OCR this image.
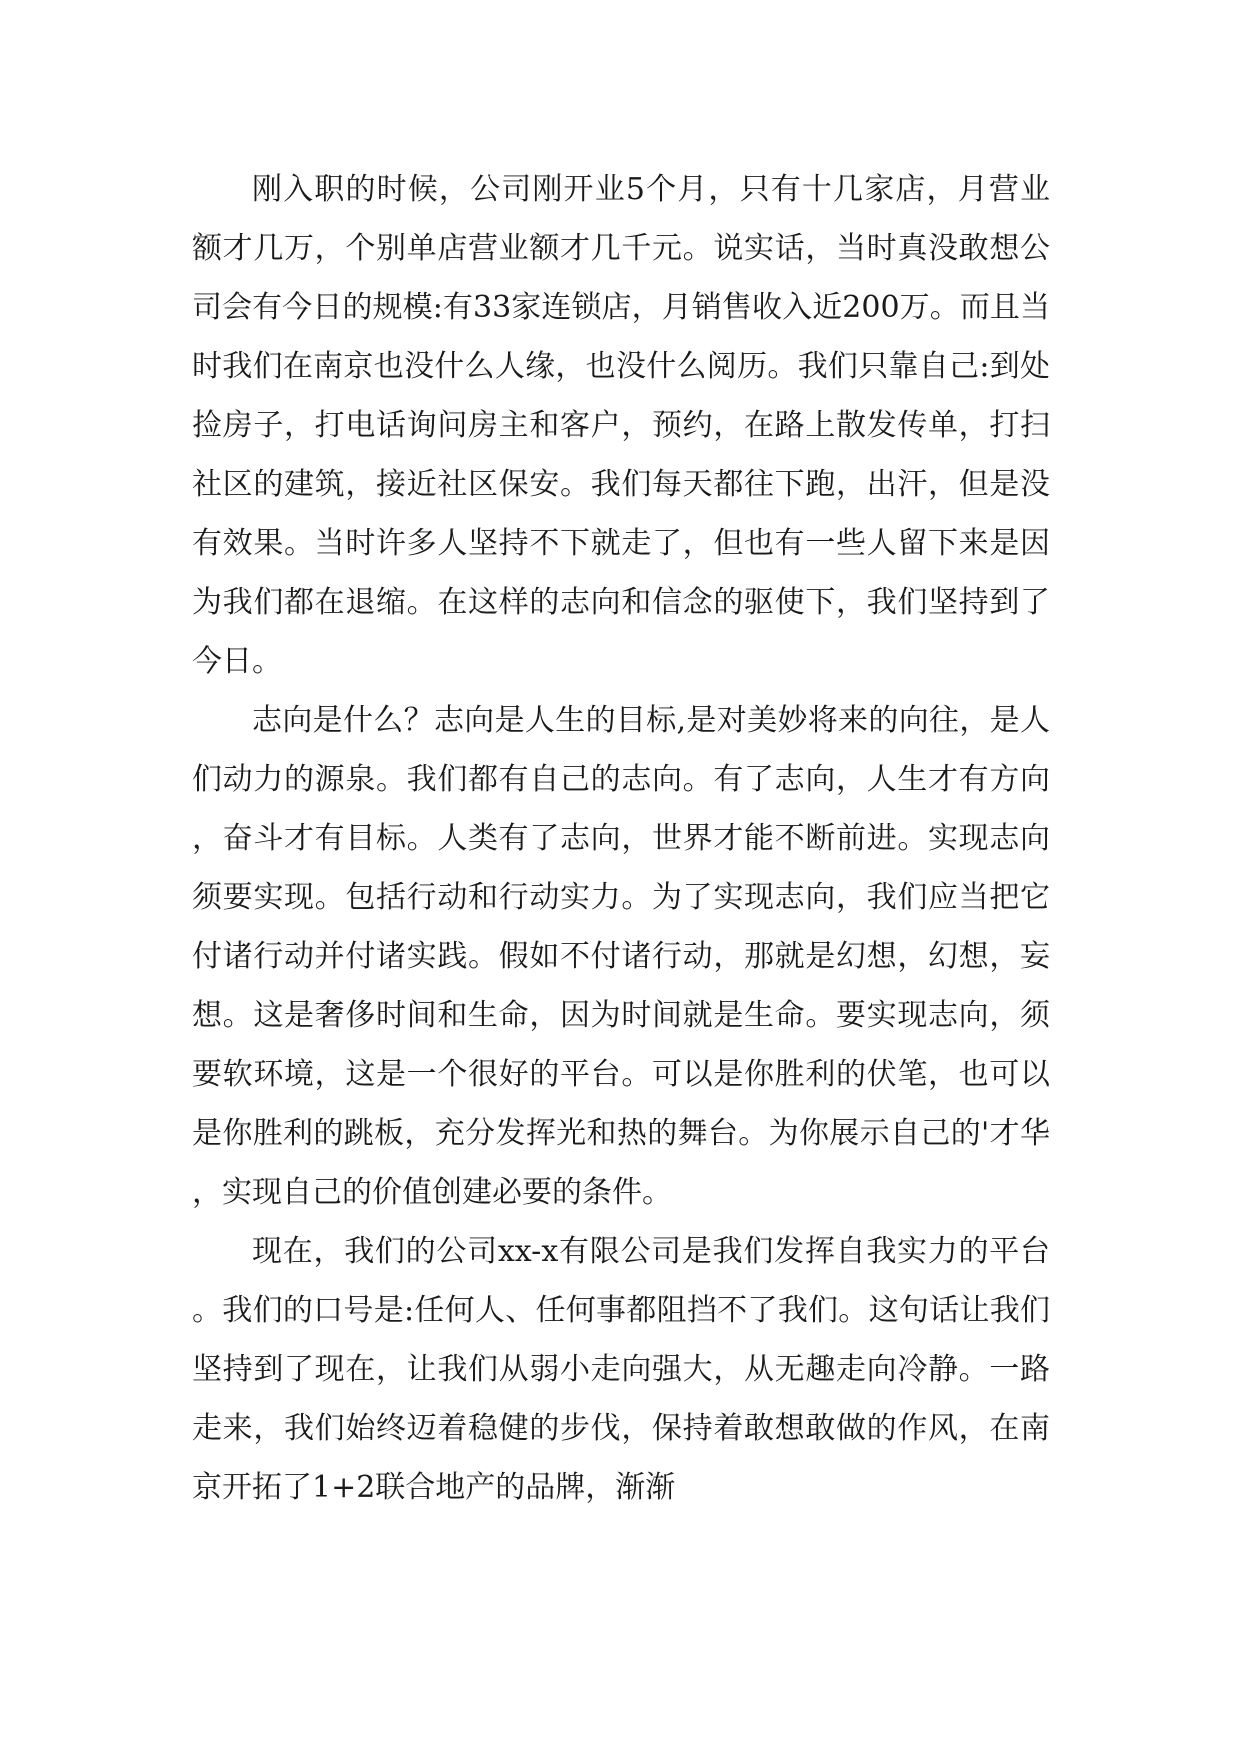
刚入职的时候，公司刚开业5个月，只有十几家店，月营业额才几万，个别单店营业额才几千元。说实话，当时真没敢想公司会有今日的规模:有33家连锁店，月销售收入近200万。而且当时我们在南京也没什么人缘，也没什么阅历。我们只靠自己:到处捡房子，打电话询问房主和客户，预约，在路上散发传单，打扫社区的建筑，接近社区保安。我们每天都往下跑，出汗，但是没有效果。当时许多人坚持不下就走了，但也有一些人留下来是因为我们都在退缩。在这样的志向和信念的驱使下，我们坚持到了今日。

志向是什么？志向是人生的目标,是对美妙将来的向往，是人们动力的源泉。我们都有自己的志向。有了志向，人生才有方向，奋斗才有目标。人类有了志向，世界才能不断前进。实现志向须要实现。包括行动和行动实力。为了实现志向，我们应当把它付诸行动并付诸实践。假如不付诸行动，那就是幻想，幻想，妄想。这是奢侈时间和生命，因为时间就是生命。要实现志向，须要软环境，这是一个很好的平台。可以是你胜利的伏笔，也可以是你胜利的跳板，充分发挥光和热的舞台。为你展示自己的'才华，实现自己的价值创建必要的条件。

现在，我们的公司xx-x有限公司是我们发挥自我实力的平台。我们的口号是:任何人、任何事都阻挡不了我们。这句话让我们坚持到了现在，让我们从弱小走向强大，从无趣走向冷静。一路走来，我们始终迈着稳健的步伐，保持着敢想敢做的作风，在南京开拓了1+2联合地产的品牌，渐渐
